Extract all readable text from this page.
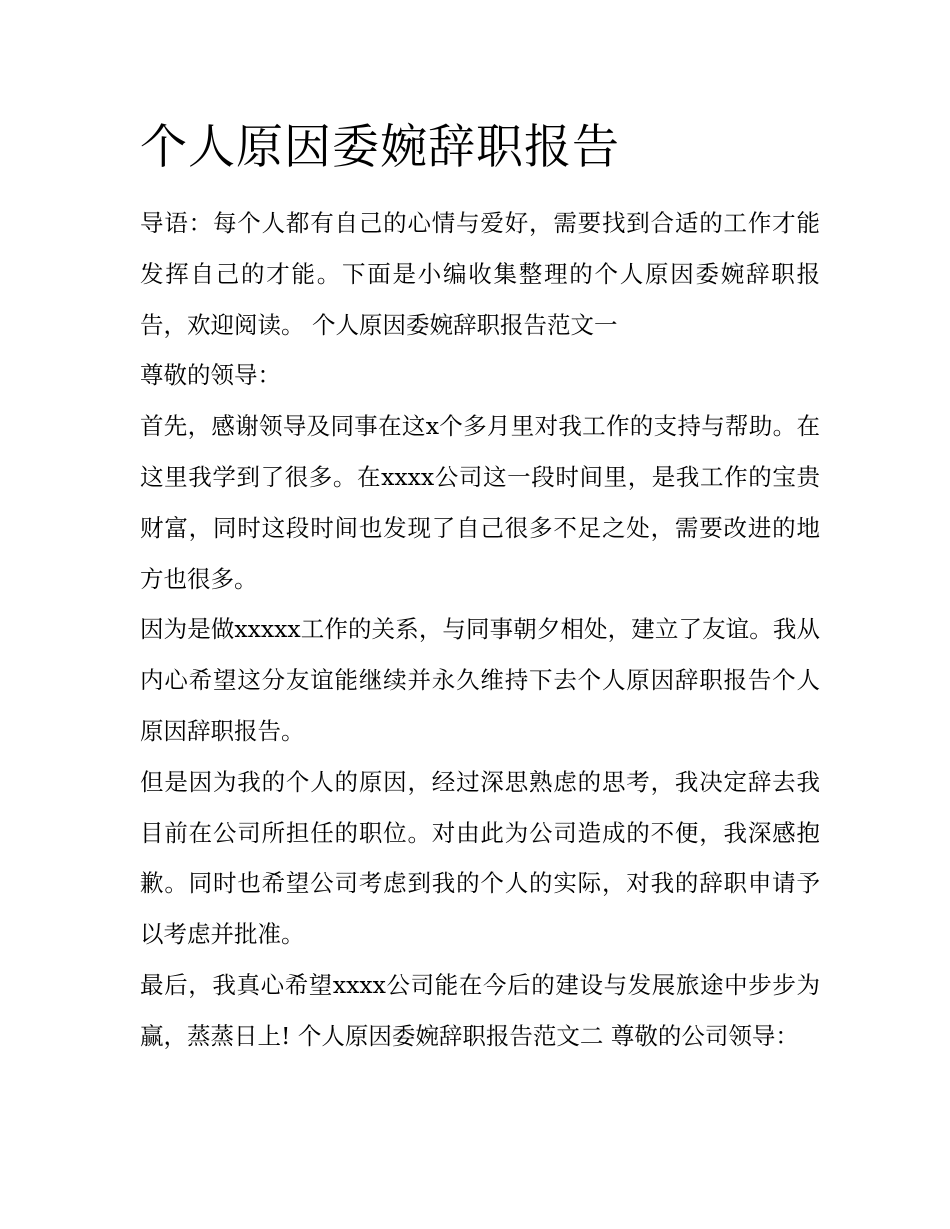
个人原因委婉辞职报告

导语：每个人都有自己的心情与爱好，需要找到合适的工作才能发挥自己的才能。下面是小编收集整理的个人原因委婉辞职报告，欢迎阅读。 个人原因委婉辞职报告范文一

尊敬的领导：

首先，感谢领导及同事在这x个多月里对我工作的支持与帮助。在这里我学到了很多。在xxxx公司这一段时间里，是我工作的宝贵财富，同时这段时间也发现了自己很多不足之处，需要改进的地方也很多。

因为是做xxxxx工作的关系，与同事朝夕相处，建立了友谊。我从内心希望这分友谊能继续并永久维持下去个人原因辞职报告个人原因辞职报告。

但是因为我的个人的原因，经过深思熟虑的思考，我决定辞去我目前在公司所担任的职位。对由此为公司造成的不便，我深感抱歉。同时也希望公司考虑到我的个人的实际，对我的辞职申请予以考虑并批准。

最后，我真心希望xxxx公司能在今后的建设与发展旅途中步步为赢，蒸蒸日上! 个人原因委婉辞职报告范文二 尊敬的公司领导：
